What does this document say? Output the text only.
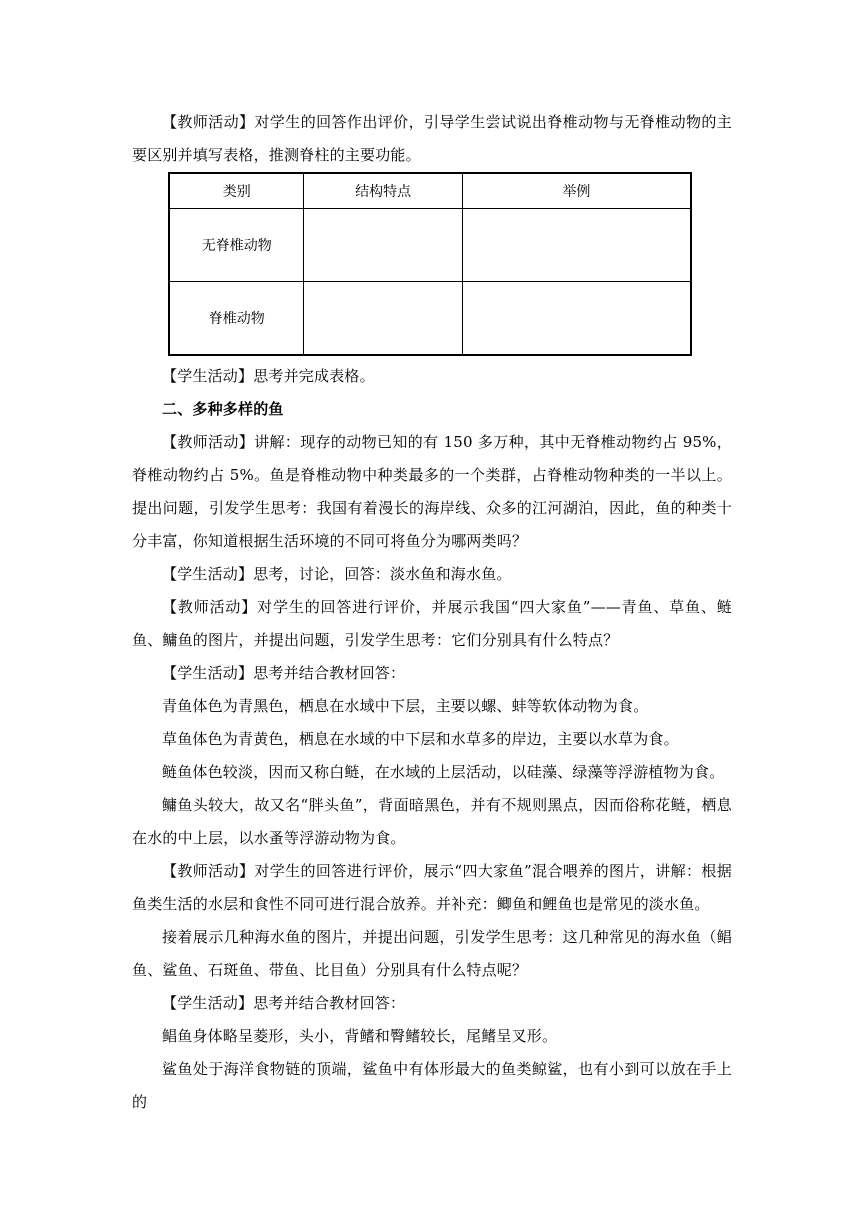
【教师活动】对学生的回答作出评价，引导学生尝试说出脊椎动物与无脊椎动物的主要区别并填写表格，推测脊柱的主要功能。

类别	结构特点	举例
无脊椎动物		
脊椎动物		

【学生活动】思考并完成表格。

二、多种多样的鱼

【教师活动】讲解：现存的动物已知的有 150 多万种，其中无脊椎动物约占 95%，脊椎动物约占 5%。鱼是脊椎动物中种类最多的一个类群，占脊椎动物种类的一半以上。提出问题，引发学生思考：我国有着漫长的海岸线、众多的江河湖泊，因此，鱼的种类十分丰富，你知道根据生活环境的不同可将鱼分为哪两类吗？

【学生活动】思考，讨论，回答：淡水鱼和海水鱼。

【教师活动】对学生的回答进行评价，并展示我国“四大家鱼”——青鱼、草鱼、鲢鱼、鳙鱼的图片，并提出问题，引发学生思考：它们分别具有什么特点？

【学生活动】思考并结合教材回答：

青鱼体色为青黑色，栖息在水域中下层，主要以螺、蚌等软体动物为食。

草鱼体色为青黄色，栖息在水域的中下层和水草多的岸边，主要以水草为食。

鲢鱼体色较淡，因而又称白鲢，在水域的上层活动，以硅藻、绿藻等浮游植物为食。

鳙鱼头较大，故又名“胖头鱼”，背面暗黑色，并有不规则黑点，因而俗称花鲢，栖息在水的中上层，以水蚤等浮游动物为食。

【教师活动】对学生的回答进行评价，展示“四大家鱼”混合喂养的图片，讲解：根据鱼类生活的水层和食性不同可进行混合放养。并补充：鲫鱼和鲤鱼也是常见的淡水鱼。

接着展示几种海水鱼的图片，并提出问题，引发学生思考：这几种常见的海水鱼（鲳鱼、鲨鱼、石斑鱼、带鱼、比目鱼）分别具有什么特点呢？

【学生活动】思考并结合教材回答：

鲳鱼身体略呈菱形，头小，背鳍和臀鳍较长，尾鳍呈叉形。

鲨鱼处于海洋食物链的顶端，鲨鱼中有体形最大的鱼类鲸鲨，也有小到可以放在手上的
